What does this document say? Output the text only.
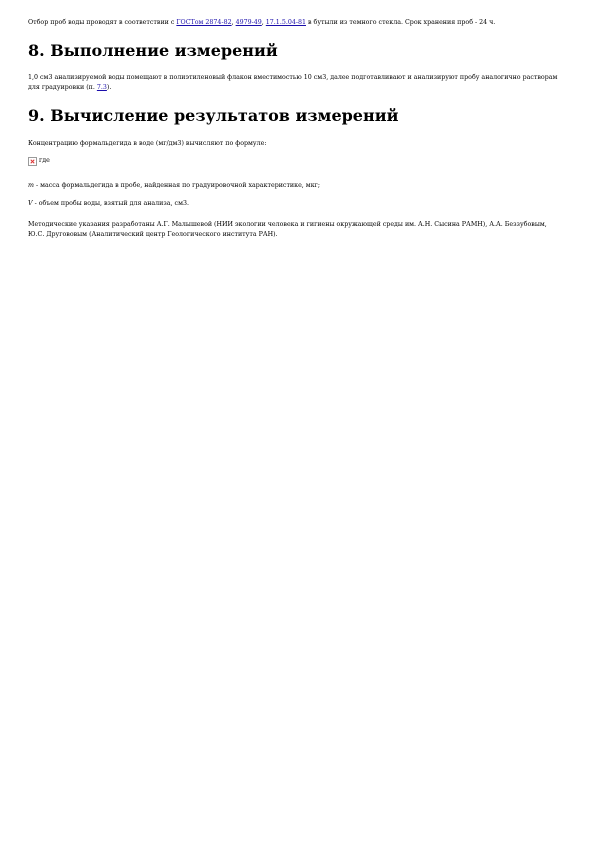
Отбор проб воды проводят в соответствии с ГОСТом 2874-82, 4979-49, 17.1.5.04-81 в бутыли из темного стекла. Срок хранения проб - 24 ч.

8. Выполнение измерений

1,0 см3 анализируемой воды помещают в полиэтиленовый флакон вместимостью 10 см3, далее подготавливают и анализируют пробу аналогично растворам для градуировки (п. 7.3).

9. Вычисление результатов измерений

Концентрацию формальдегида в воде (мг/дм3) вычисляют по формуле:

где

m - масса формальдегида в пробе, найденная по градуировочной характеристике, мкг;

V - объем пробы воды, взятый для анализа, см3.

Методические указания разработаны А.Г. Малышевой (НИИ экологии человека и гигиены окружающей среды им. А.Н. Сысина РАМН), А.А. Беззубовым, Ю.С. Другововым (Аналитический центр Геологического института РАН).
